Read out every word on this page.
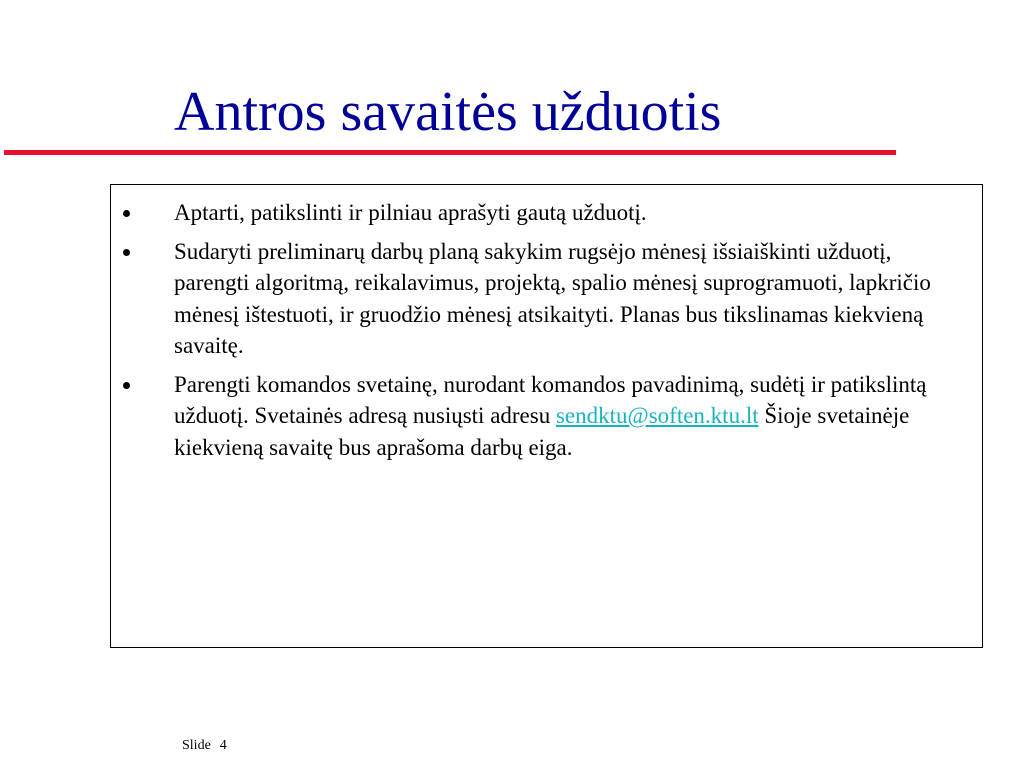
Antros savaitės užduotis
Aptarti, patikslinti ir pilniau aprašyti gautą užduotį.
Sudaryti preliminarų darbų planą sakykim rugsėjo mėnesį išsiaiškinti užduotį, parengti algoritmą, reikalavimus, projektą, spalio mėnesį suprogramuoti, lapkričio mėnesį ištestuoti, ir gruodžio mėnesį atsikaityti. Planas bus tikslinamas kiekvieną savaitę.
Parengti komandos svetainę, nurodant komandos pavadinimą, sudėtį ir patikslintą užduotį. Svetainės adresą nusiųsti adresu sendktu@soften.ktu.lt Šioje svetainėje kiekvieną savaitę bus aprašoma darbų eiga.
Slide 4
